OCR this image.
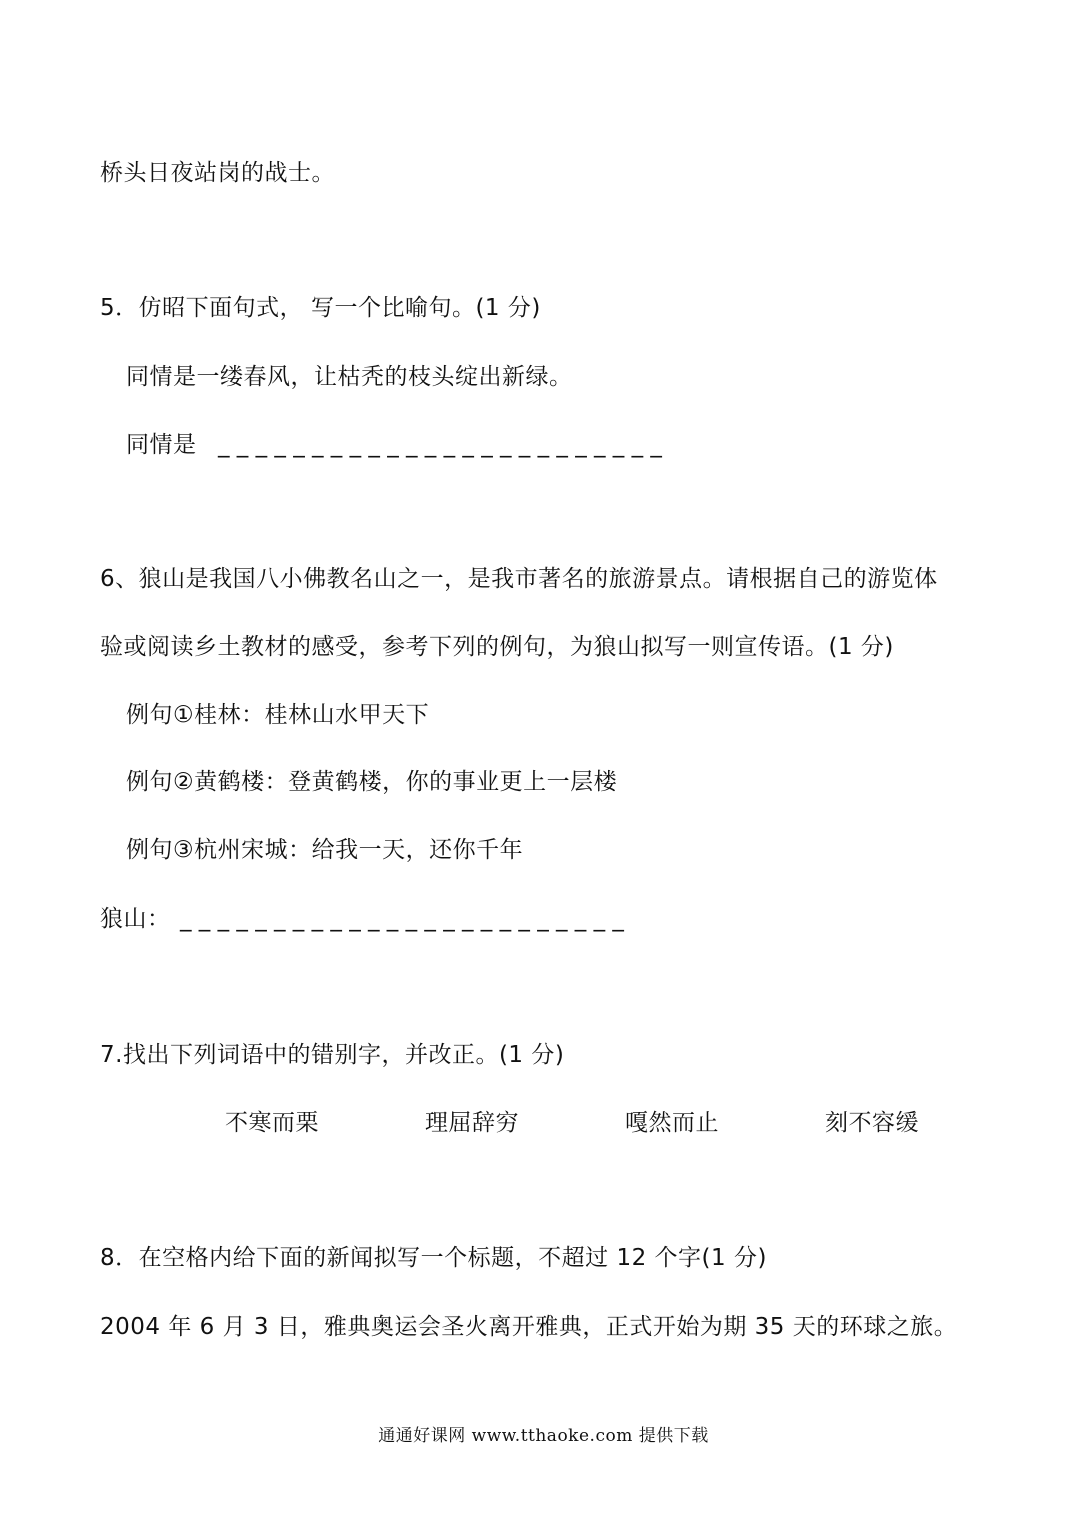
桥头日夜站岗的战士。
5．仿昭下面句式， 写一个比喻句。(1 分)
同情是一缕春风，让枯秃的枝头绽出新绿。
同情是 ________________________
6、狼山是我国八小佛教名山之一，是我市著名的旅游景点。请根据自己的游览体
验或阅读乡土教材的感受，参考下列的例句，为狼山拟写一则宣传语。(1 分)
例句①桂林：桂林山水甲天下
例句②黄鹤楼：登黄鹤楼，你的事业更上一层楼
例句③杭州宋城：给我一天，还你千年
狼山： ________________________
7.找出下列词语中的错别字，并改正。(1 分)
不寒而栗	理屈辞穷	嘎然而止	刻不容缓
8．在空格内给下面的新闻拟写一个标题，不超过 12 个字(1 分)
2004 年 6 月 3 日，雅典奥运会圣火离开雅典，正式开始为期 35 天的环球之旅。
通通好课网 www.tthaoke.com 提供下载
